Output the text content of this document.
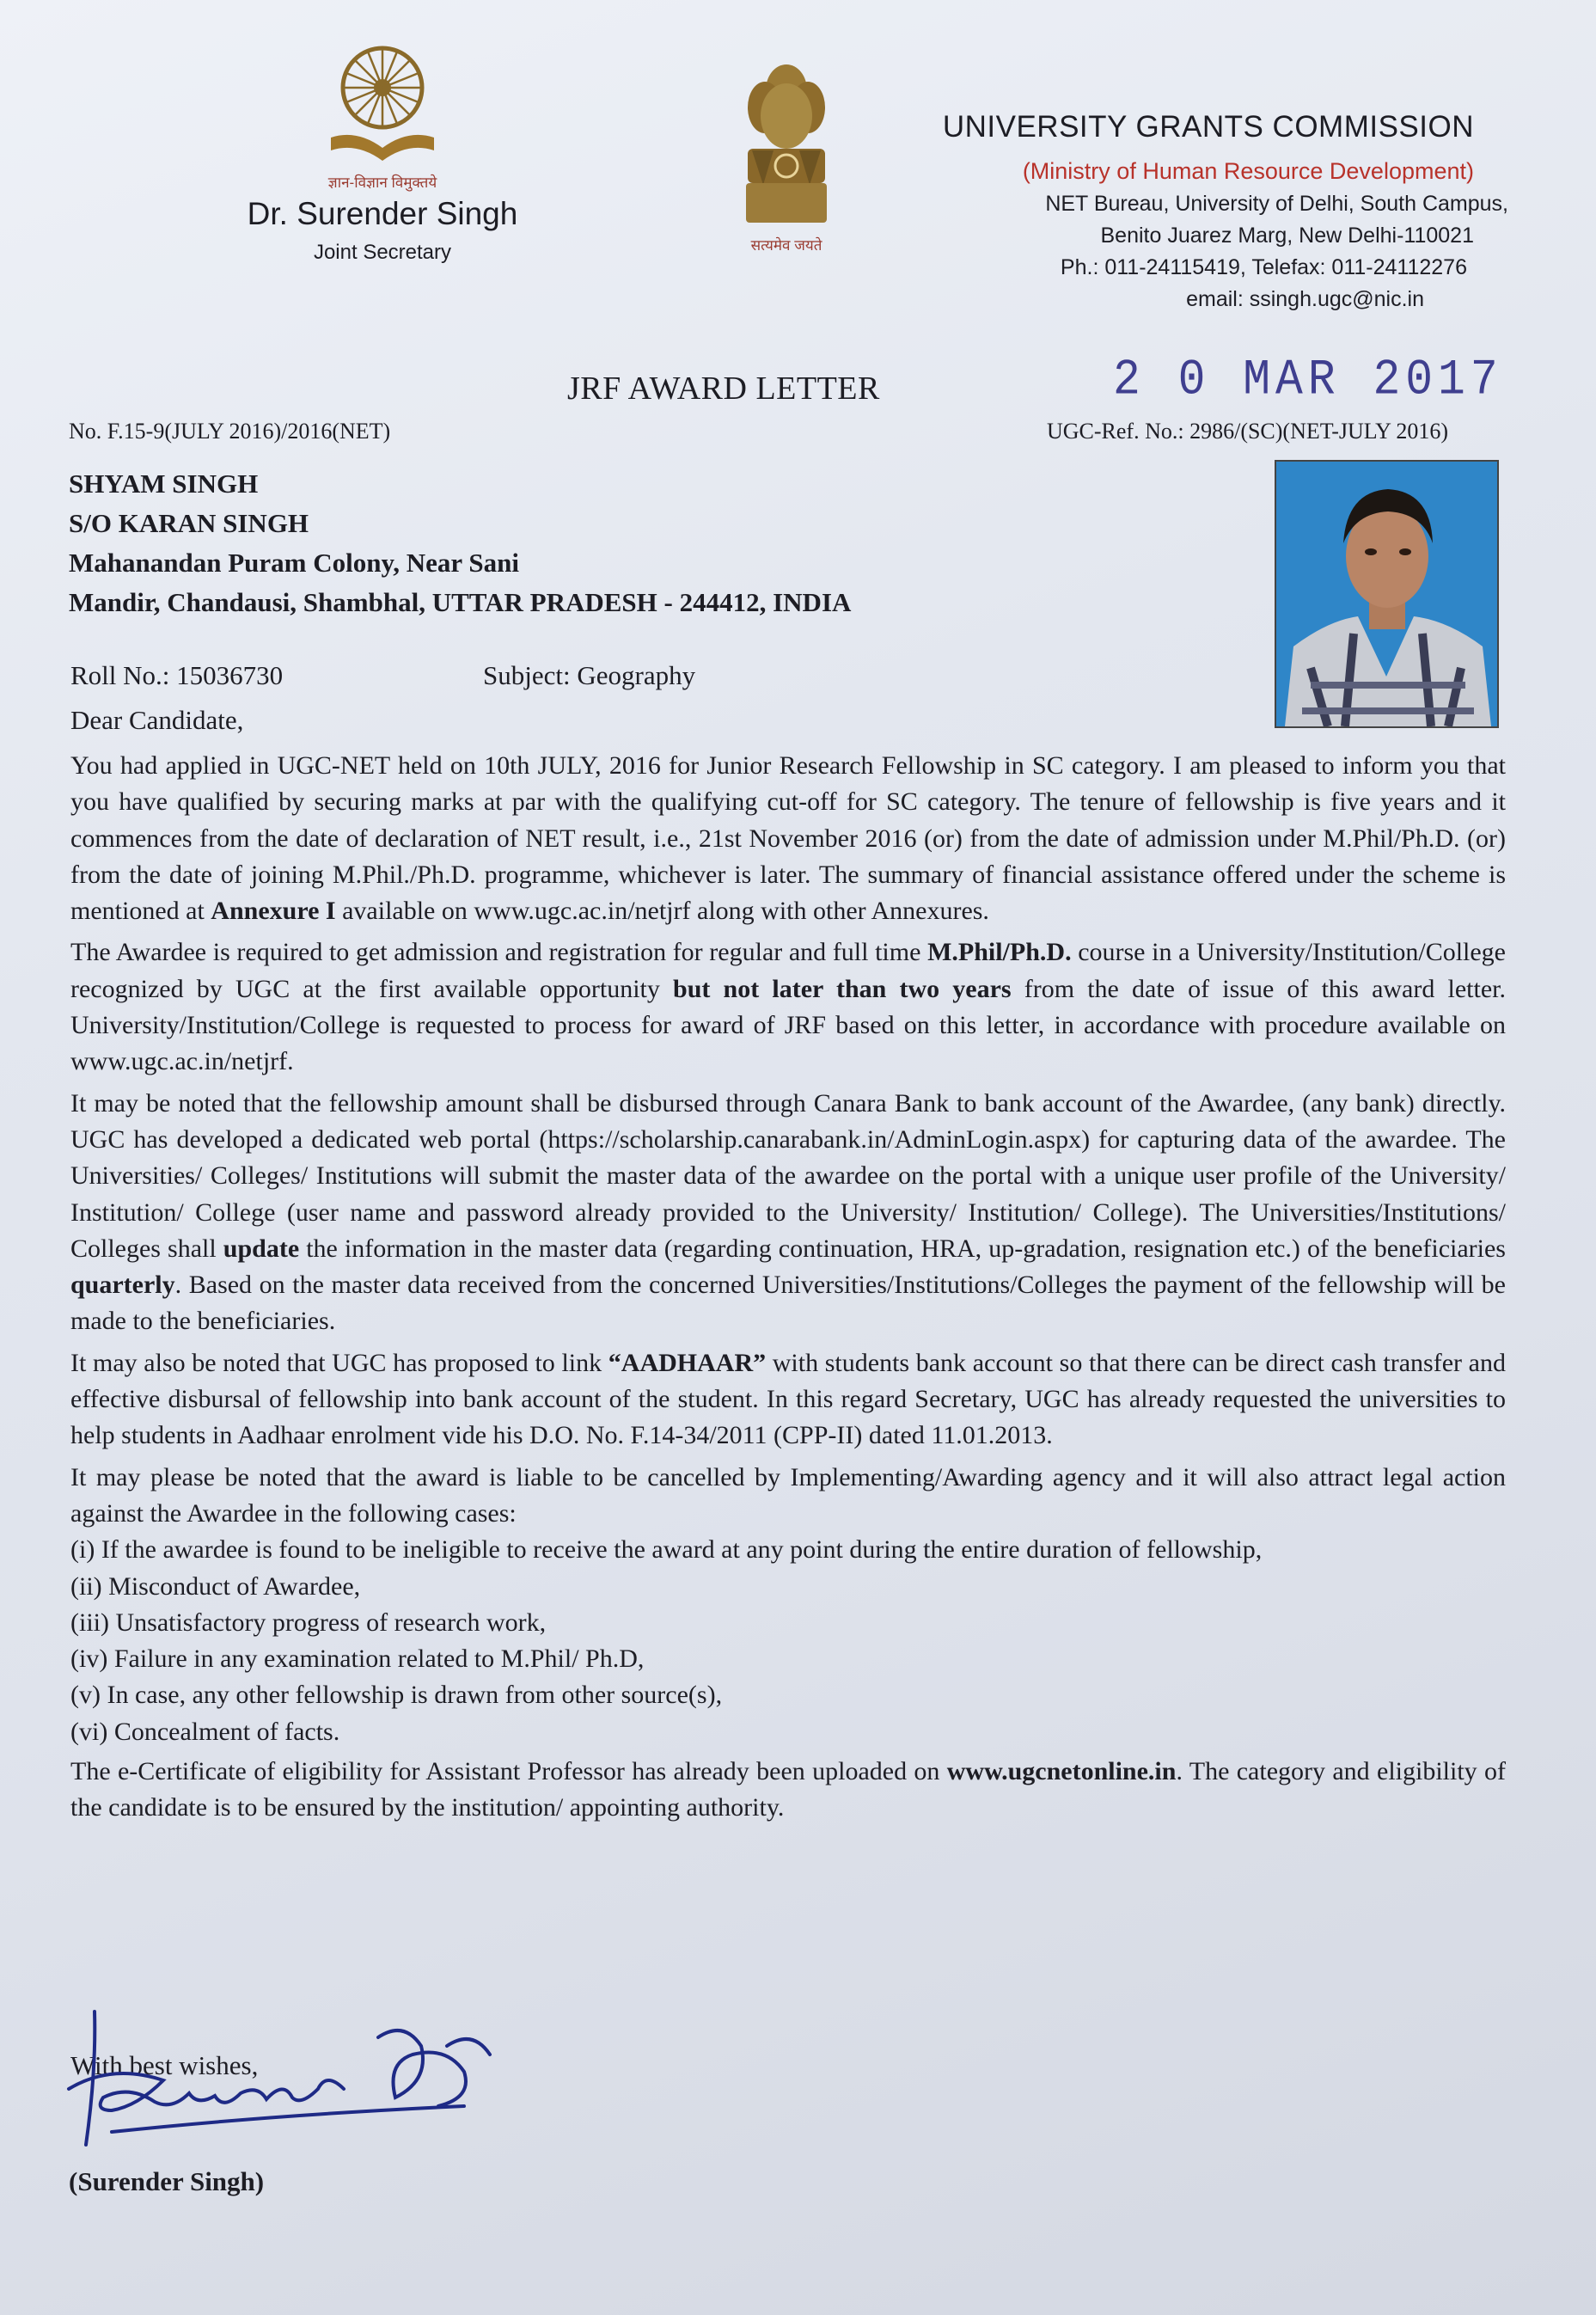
ज्ञान-विज्ञान विमुक्तये
सत्यमेव जयते
Dr. Surender Singh
Joint Secretary
UNIVERSITY GRANTS COMMISSION
(Ministry of Human Resource Development)
NET Bureau, University of Delhi, South Campus,
Benito Juarez Marg, New Delhi-110021
Ph.: 011-24115419, Telefax: 011-24112276
email: ssingh.ugc@nic.in
JRF AWARD LETTER	2 0 MAR 2017
No. F.15-9(JULY 2016)/2016(NET)	UGC-Ref. No.: 2986/(SC)(NET-JULY 2016)
SHYAM SINGH
S/O KARAN SINGH
Mahanandan Puram Colony, Near Sani
Mandir, Chandausi, Shambhal, UTTAR PRADESH - 244412, INDIA
Roll No.: 15036730	Subject: Geography
Dear Candidate,

You had applied in UGC-NET held on 10th JULY, 2016 for Junior Research Fellowship in SC category. I am pleased to inform you that you have qualified by securing marks at par with the qualifying cut-off for SC category. The tenure of fellowship is five years and it commences from the date of declaration of NET result, i.e., 21st November 2016 (or) from the date of admission under M.Phil/Ph.D. (or) from the date of joining M.Phil./Ph.D. programme, whichever is later. The summary of financial assistance offered under the scheme is mentioned at Annexure I available on www.ugc.ac.in/netjrf along with other Annexures.

The Awardee is required to get admission and registration for regular and full time M.Phil/Ph.D. course in a University/Institution/College recognized by UGC at the first available opportunity but not later than two years from the date of issue of this award letter. University/Institution/College is requested to process for award of JRF based on this letter, in accordance with procedure available on www.ugc.ac.in/netjrf.

It may be noted that the fellowship amount shall be disbursed through Canara Bank to bank account of the Awardee, (any bank) directly. UGC has developed a dedicated web portal (https://scholarship.canarabank.in/AdminLogin.aspx) for capturing data of the awardee. The Universities/ Colleges/ Institutions will submit the master data of the awardee on the portal with a unique user profile of the University/ Institution/ College (user name and password already provided to the University/ Institution/ College). The Universities/Institutions/ Colleges shall update the information in the master data (regarding continuation, HRA, up-gradation, resignation etc.) of the beneficiaries quarterly. Based on the master data received from the concerned Universities/Institutions/Colleges the payment of the fellowship will be made to the beneficiaries.

It may also be noted that UGC has proposed to link “AADHAAR” with students bank account so that there can be direct cash transfer and effective disbursal of fellowship into bank account of the student. In this regard Secretary, UGC has already requested the universities to help students in Aadhaar enrolment vide his D.O. No. F.14-34/2011 (CPP-II) dated 11.01.2013.

It may please be noted that the award is liable to be cancelled by Implementing/Awarding agency and it will also attract legal action against the Awardee in the following cases:

(i) If the awardee is found to be ineligible to receive the award at any point during the entire duration of fellowship,
(ii) Misconduct of Awardee,
(iii) Unsatisfactory progress of research work,
(iv) Failure in any examination related to M.Phil/ Ph.D,
(v) In case, any other fellowship is drawn from other source(s),
(vi) Concealment of facts.

The e-Certificate of eligibility for Assistant Professor has already been uploaded on www.ugcnetonline.in. The category and eligibility of the candidate is to be ensured by the institution/ appointing authority.

With best wishes,
(Surender Singh)
